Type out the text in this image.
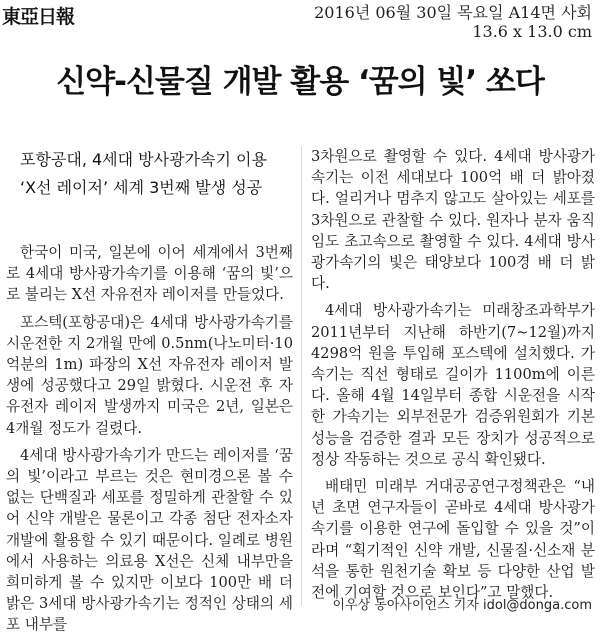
東亞日報	2016년 06월 30일 목요일 A14면 사회
13.6 x 13.0 cm
신약-신물질 개발 활용 ‘꿈의 빛’ 쏘다

포항공대, 4세대 방사광가속기 이용

‘X선 레이저’ 세계 3번째 발생 성공

한국이 미국, 일본에 이어 세계에서 3번째로 4세대 방사광가속기를 이용해 ‘꿈의 빛’으로 불리는 X선 자유전자 레이저를 만들었다.

포스텍(포항공대)은 4세대 방사광가속기를 시운전한 지 2개월 만에 0.5nm(나노미터·10억분의 1m) 파장의 X선 자유전자 레이저 발생에 성공했다고 29일 밝혔다. 시운전 후 자유전자 레이저 발생까지 미국은 2년, 일본은 4개월 정도가 걸렸다.

4세대 방사광가속기가 만드는 레이저를 ‘꿈의 빛’이라고 부르는 것은 현미경으론 볼 수 없는 단백질과 세포를 정밀하게 관찰할 수 있어 신약 개발은 물론이고 각종 첨단 전자소자 개발에 활용할 수 있기 때문이다. 일례로 병원에서 사용하는 의료용 X선은 신체 내부만을 희미하게 볼 수 있지만 이보다 100만 배 더 밝은 3세대 방사광가속기는 정적인 상태의 세포 내부를

3차원으로 촬영할 수 있다. 4세대 방사광가속기는 이전 세대보다 100억 배 더 밝아졌다. 얼리거나 멈추지 않고도 살아있는 세포를 3차원으로 관찰할 수 있다. 원자나 분자 움직임도 초고속으로 촬영할 수 있다. 4세대 방사광가속기의 빛은 태양보다 100경 배 더 밝다.

4세대 방사광가속기는 미래창조과학부가 2011년부터 지난해 하반기(7∼12월)까지 4298억 원을 투입해 포스텍에 설치했다. 가속기는 직선 형태로 길이가 1100m에 이른다. 올해 4월 14일부터 종합 시운전을 시작한 가속기는 외부전문가 검증위원회가 기본 성능을 검증한 결과 모든 장치가 성공적으로 정상 작동하는 것으로 공식 확인됐다.

배태민 미래부 거대공공연구정책관은 “내년 초면 연구자들이 곧바로 4세대 방사광가속기를 이용한 연구에 돌입할 수 있을 것”이라며 “획기적인 신약 개발, 신물질·신소재 분석을 통한 원천기술 확보 등 다양한 산업 발전에 기여할 것으로 보인다”고 말했다.

이우상 동아사이언스 기자 idol@donga.com
